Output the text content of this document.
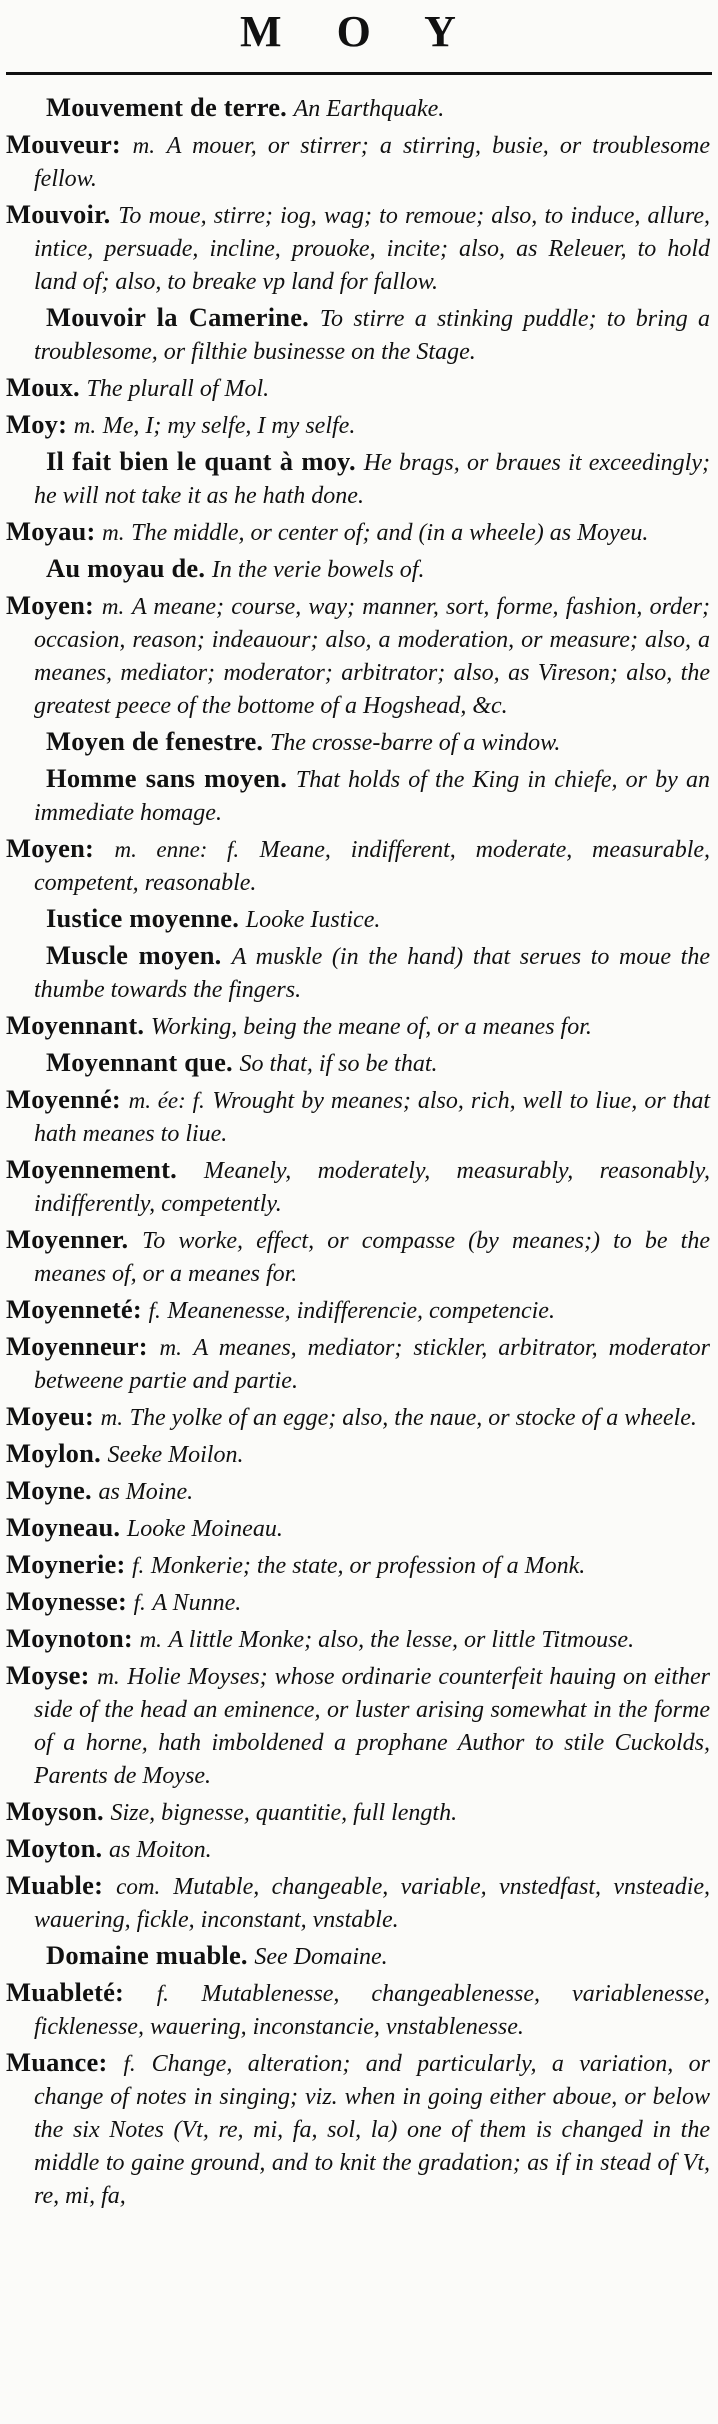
M O Y

Mouvement de terre. An Earthquake.

Mouveur: m. A mouer, or stirrer; a stirring, busie, or troublesome fellow.

Mouvoir. To moue, stirre; iog, wag; to remoue; also, to induce, allure, intice, persuade, incline, prouoke, incite; also, as Releuer, to hold land of; also, to breake vp land for fallow.

Mouvoir la Camerine. To stirre a stinking puddle; to bring a troublesome, or filthie businesse on the Stage.

Moux. The plurall of Mol.

Moy: m. Me, I; my selfe, I my selfe.

Il fait bien le quant à moy. He brags, or braues it exceedingly; he will not take it as he hath done.

Moyau: m. The middle, or center of; and (in a wheele) as Moyeu.

Au moyau de. In the verie bowels of.

Moyen: m. A meane; course, way; manner, sort, forme, fashion, order; occasion, reason; indeauour; also, a moderation, or measure; also, a meanes, mediator; moderator; arbitrator; also, as Vireson; also, the greatest peece of the bottome of a Hogshead, &c.

Moyen de fenestre. The crosse-barre of a window.

Homme sans moyen. That holds of the King in chiefe, or by an immediate homage.

Moyen: m. enne: f. Meane, indifferent, moderate, measurable, competent, reasonable.

Iustice moyenne. Looke Iustice.

Muscle moyen. A muskle (in the hand) that serues to moue the thumbe towards the fingers.

Moyennant. Working, being the meane of, or a meanes for.

Moyennant que. So that, if so be that.

Moyenné: m. ée: f. Wrought by meanes; also, rich, well to liue, or that hath meanes to liue.

Moyennement. Meanely, moderately, measurably, reasonably, indifferently, competently.

Moyenner. To worke, effect, or compasse (by meanes;) to be the meanes of, or a meanes for.

Moyenneté: f. Meanenesse, indifferencie, competencie.

Moyenneur: m. A meanes, mediator; stickler, arbitrator, moderator betweene partie and partie.

Moyeu: m. The yolke of an egge; also, the naue, or stocke of a wheele.

Moylon. Seeke Moilon.

Moyne. as Moine.

Moyneau. Looke Moineau.

Moynerie: f. Monkerie; the state, or profession of a Monk.

Moynesse: f. A Nunne.

Moynoton: m. A little Monke; also, the lesse, or little Titmouse.

Moyse: m. Holie Moyses; whose ordinarie counterfeit hauing on either side of the head an eminence, or luster arising somewhat in the forme of a horne, hath imboldened a prophane Author to stile Cuckolds, Parents de Moyse.

Moyson. Size, bignesse, quantitie, full length.

Moyton. as Moiton.

Muable: com. Mutable, changeable, variable, vnstedfast, vnsteadie, wauering, fickle, inconstant, vnstable.

Domaine muable. See Domaine.

Muableté: f. Mutablenesse, changeablenesse, variablenesse, ficklenesse, wauering, inconstancie, vnstablenesse.

Muance: f. Change, alteration; and particularly, a variation, or change of notes in singing; viz. when in going either aboue, or below the six Notes (Vt, re, mi, fa, sol, la) one of them is changed in the middle to gaine ground, and to knit the gradation; as if in stead of Vt, re, mi, fa,
